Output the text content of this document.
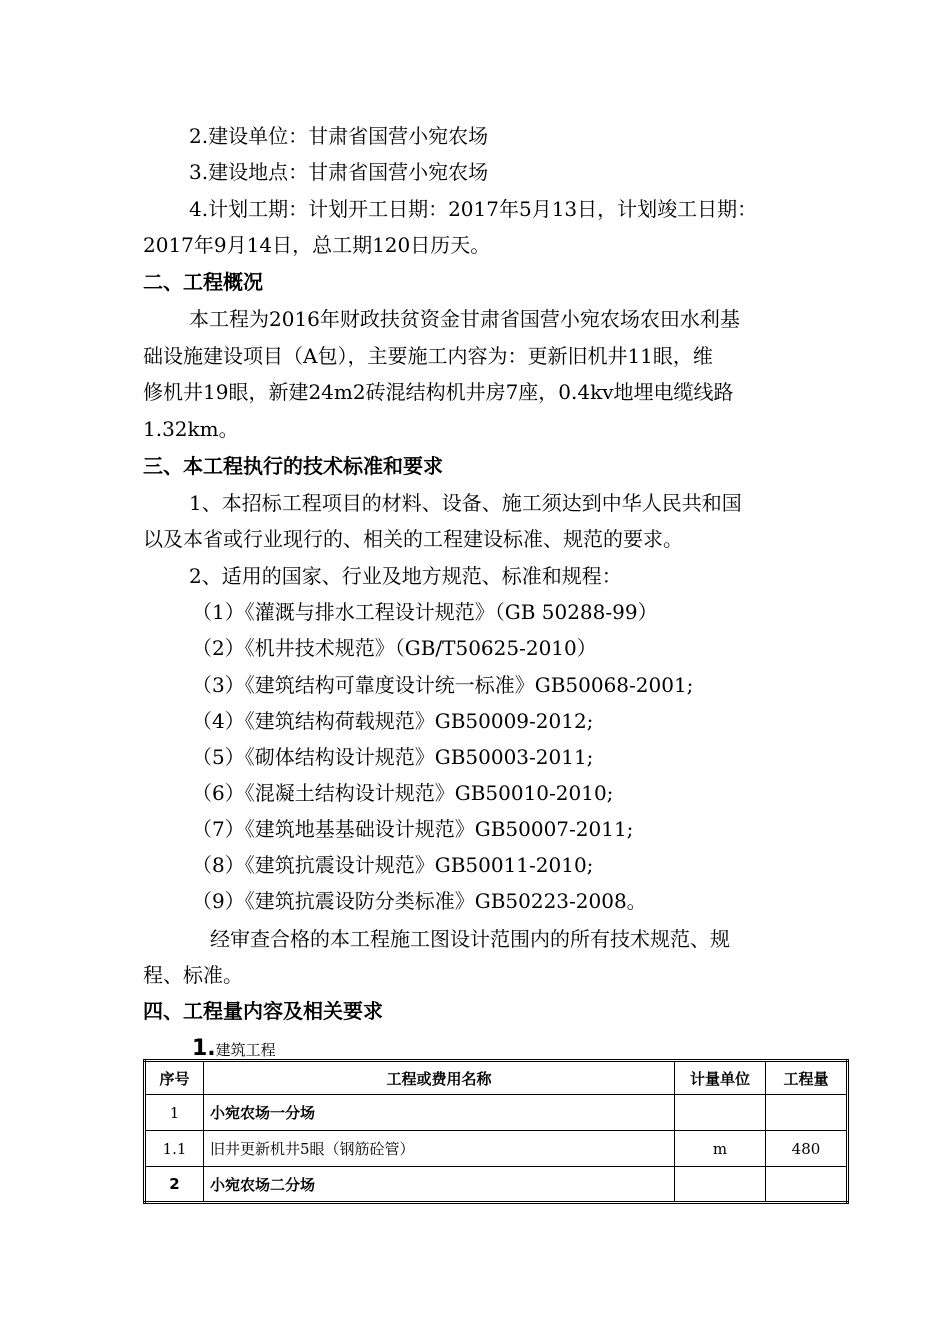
2.建设单位：甘肃省国营小宛农场
3.建设地点：甘肃省国营小宛农场
4.计划工期：计划开工日期：2017年5月13日，计划竣工日期：
2017年9月14日，总工期120日历天。
二、工程概况
本工程为2016年财政扶贫资金甘肃省国营小宛农场农田水利基
础设施建设项目（A包），主要施工内容为：更新旧机井11眼，维
修机井19眼，新建24m2砖混结构机井房7座，0.4kv地埋电缆线路
1.32km。
三、本工程执行的技术标准和要求
1、本招标工程项目的材料、设备、施工须达到中华人民共和国
以及本省或行业现行的、相关的工程建设标准、规范的要求。
2、适用的国家、行业及地方规范、标准和规程：
（1）《灌溉与排水工程设计规范》（GB 50288-99）
（2）《机井技术规范》（GB/T50625-2010）
（3）《建筑结构可靠度设计统一标准》GB50068-2001;
（4）《建筑结构荷载规范》GB50009-2012;
（5）《砌体结构设计规范》GB50003-2011;
（6）《混凝土结构设计规范》GB50010-2010;
（7）《建筑地基基础设计规范》GB50007-2011;
（8）《建筑抗震设计规范》GB50011-2010;
（9）《建筑抗震设防分类标准》GB50223-2008。
经审查合格的本工程施工图设计范围内的所有技术规范、规
程、标准。
四、工程量内容及相关要求
1.建筑工程
序号	工程或费用名称	计量单位	工程量
1	小宛农场一分场		
1.1	旧井更新机井5眼（钢筋砼管）	m	480
2	小宛农场二分场		
